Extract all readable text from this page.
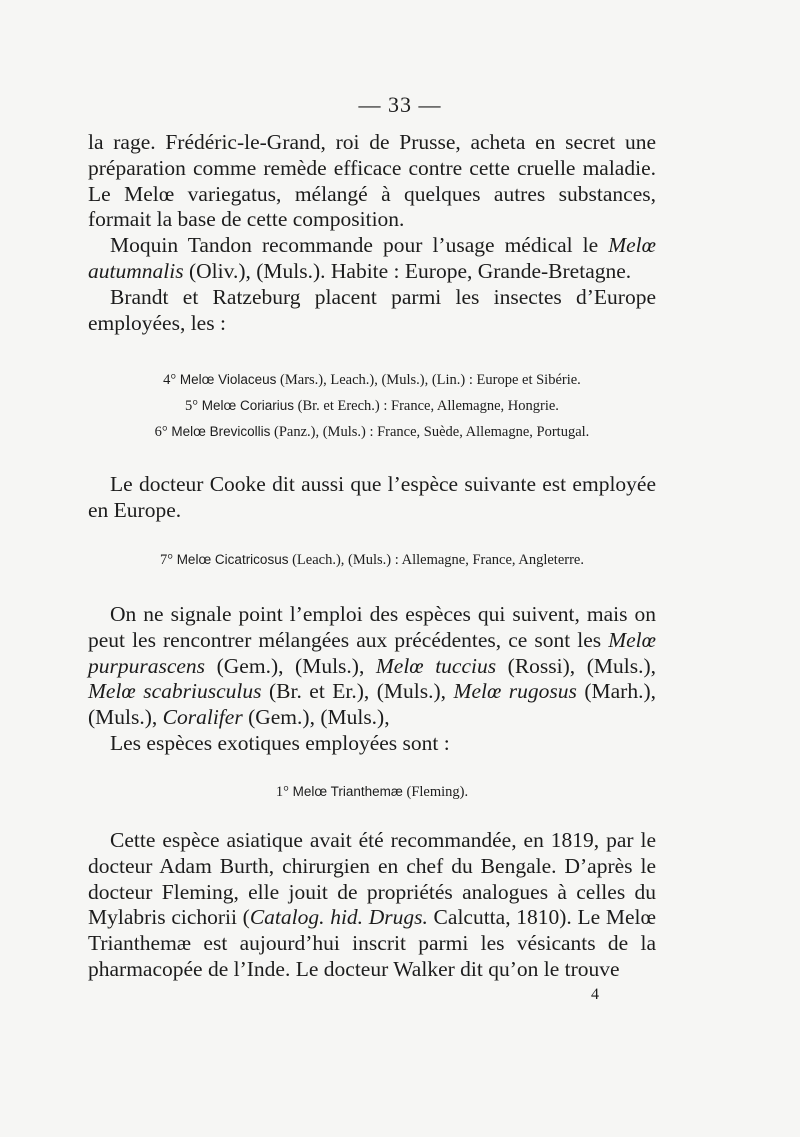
— 33 —

la rage. Frédéric-le-Grand, roi de Prusse, acheta en secret une préparation comme remède efficace contre cette cruelle maladie. Le Melœ variegatus, mélangé à quelques autres substances, formait la base de cette composition.

Moquin Tandon recommande pour l’usage médical le Melœ autumnalis (Oliv.), (Muls.). Habite : Europe, Grande-Bretagne.

Brandt et Ratzeburg placent parmi les insectes d’Europe employées, les :

4° Melœ Violaceus (Mars.), Leach.), (Muls.), (Lin.) : Europe et Sibérie.
5° Melœ Coriarius (Br. et Erech.) : France, Allemagne, Hongrie.
6° Melœ Brevicollis (Panz.), (Muls.) : France, Suède, Allemagne, Portugal.

Le docteur Cooke dit aussi que l’espèce suivante est employée en Europe.

7° Melœ Cicatricosus (Leach.), (Muls.) : Allemagne, France, Angleterre.

On ne signale point l’emploi des espèces qui suivent, mais on peut les rencontrer mélangées aux précédentes, ce sont les Melœ purpurascens (Gem.), (Muls.), Melœ tuccius (Rossi), (Muls.), Melœ scabriusculus (Br. et Er.), (Muls.), Melœ rugosus (Marh.), (Muls.), Coralifer (Gem.), (Muls.),

Les espèces exotiques employées sont :

1° Melœ Trianthemæ (Fleming).

Cette espèce asiatique avait été recommandée, en 1819, par le docteur Adam Burth, chirurgien en chef du Bengale. D’après le docteur Fleming, elle jouit de propriétés analogues à celles du Mylabris cichorii (Catalog. hid. Drugs. Calcutta, 1810). Le Melœ Trianthemæ est aujourd’hui inscrit parmi les vésicants de la pharmacopée de l’Inde. Le docteur Walker dit qu’on le trouve

4
